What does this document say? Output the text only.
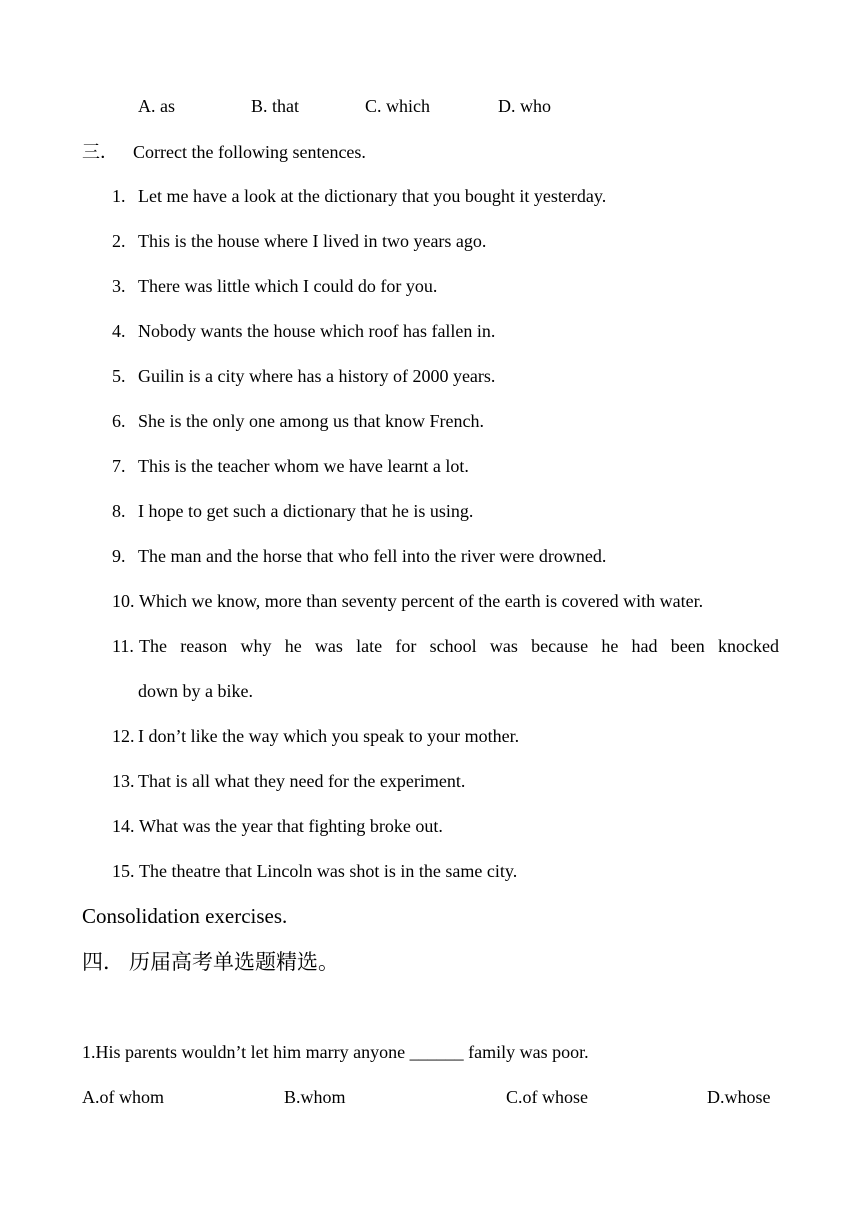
A. as	B. that	C. which	D. who
三． Correct the following sentences.
1. Let me have a look at the dictionary that you bought it yesterday.
2. This is the house where I lived in two years ago.
3. There was little which I could do for you.
4. Nobody wants the house which roof has fallen in.
5. Guilin is a city where has a history of 2000 years.
6. She is the only one among us that know French.
7. This is the teacher whom we have learnt a lot.
8. I hope to get such a dictionary that he is using.
9. The man and the horse that who fell into the river were drowned.
10. Which we know, more than seventy percent of the earth is covered with water.
11. The reason why he was late for school was because he had been knocked
down by a bike.
12. I don’t like the way which you speak to your mother.
13. That is all what they need for the experiment.
14. What was the year that fighting broke out.
15. The theatre that Lincoln was shot is in the same city.
Consolidation exercises.
四． 历届高考单选题精选。
1.His parents wouldn’t let him marry anyone ______ family was poor.
A.of whom	B.whom	C.of whose	D.whose
